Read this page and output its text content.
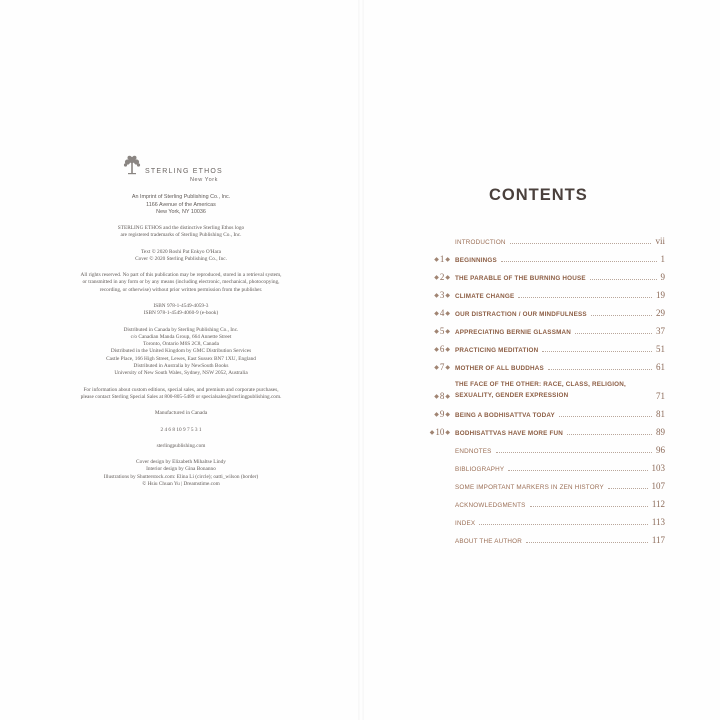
STERLING ETHOS
New York
An Imprint of Sterling Publishing Co., Inc.
1166 Avenue of the Americas
New York, NY 10036
STERLING ETHOS and the distinctive Sterling Ethos logo
are registered trademarks of Sterling Publishing Co., Inc.
Text © 2020 Roshi Pat Enkyo O'Hara
Cover © 2020 Sterling Publishing Co., Inc.
All rights reserved. No part of this publication may be reproduced, stored in a retrieval system,
or transmitted in any form or by any means (including electronic, mechanical, photocopying,
recording, or otherwise) without prior written permission from the publisher.
ISBN 978-1-4549-4059-3
ISBN 978-1-4549-4060-9 (e-book)
Distributed in Canada by Sterling Publishing Co., Inc.
c/o Canadian Manda Group, 664 Annette Street
Toronto, Ontario M6S 2C8, Canada
Distributed in the United Kingdom by GMC Distribution Services
Castle Place, 166 High Street, Lewes, East Sussex BN7 1XU, England
Distributed in Australia by NewSouth Books
University of New South Wales, Sydney, NSW 2052, Australia
For information about custom editions, special sales, and premium and corporate purchases,
please contact Sterling Special Sales at 800-805-5489 or specialsales@sterlingpublishing.com.
Manufactured in Canada
2 4 6 8 10 9 7 5 3 1
sterlingpublishing.com
Cover design by Elizabeth Mihaltse Lindy
Interior design by Gina Bonanno
Illustrations by Shutterstock.com: Elina Li (circle); oatti_wilson (border)
© Hsiu Chuan Yu | Dreamstime.com
CONTENTS
INTRODUCTION	vii
◆ 1 ◆ BEGINNINGS	1
◆ 2 ◆ THE PARABLE OF THE BURNING HOUSE	9
◆ 3 ◆ CLIMATE CHANGE	19
◆ 4 ◆ OUR DISTRACTION / OUR MINDFULNESS	29
◆ 5 ◆ APPRECIATING BERNIE GLASSMAN	37
◆ 6 ◆ PRACTICING MEDITATION	51
◆ 7 ◆ MOTHER OF ALL BUDDHAS	61
◆ 8 ◆
THE FACE OF THE OTHER: RACE, CLASS, RELIGION, SEXUALITY, GENDER EXPRESSION	71
◆ 9 ◆ BEING A BODHISATTVA TODAY	81
◆ 10 ◆ BODHISATTVAS HAVE MORE FUN	89
ENDNOTES	96
BIBLIOGRAPHY	103
SOME IMPORTANT MARKERS IN ZEN HISTORY	107
ACKNOWLEDGMENTS	112
INDEX	113
ABOUT THE AUTHOR	117
